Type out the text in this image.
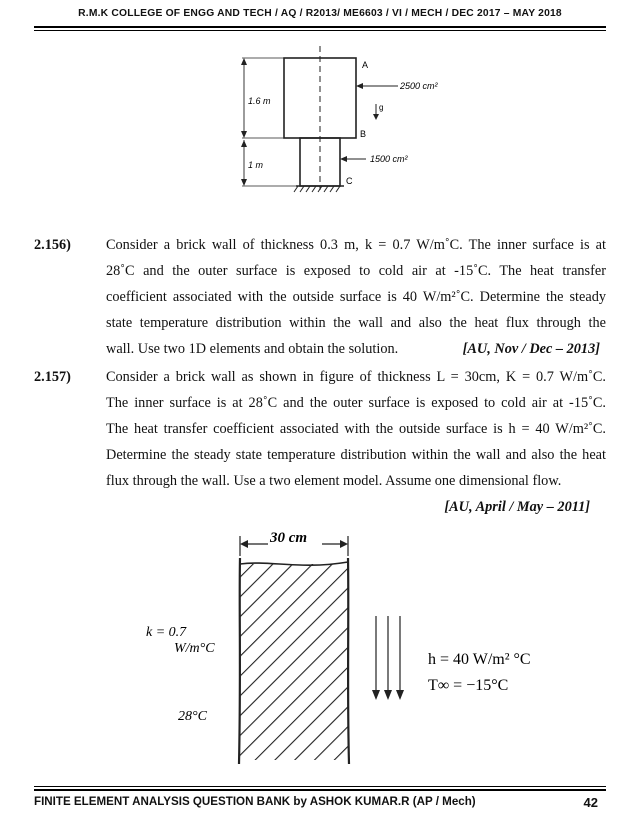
R.M.K COLLEGE OF ENGG AND TECH / AQ / R2013/ ME6603 / VI / MECH / DEC 2017 – MAY 2018
1.6 m
1 m
A
B
C
2500 cm²
1500 cm²
g
2.156) Consider a brick wall of thickness 0.3 m, k = 0.7 W/m˚C. The inner surface is at
28˚C and the outer surface is exposed to cold air at -15˚C. The heat transfer
coefficient associated with the outside surface is 40 W/m²˚C. Determine the steady
state temperature distribution within the wall and also the heat flux through the
wall. Use two 1D elements and obtain the solution.	[AU, Nov / Dec – 2013]
2.157) Consider a brick wall as shown in figure of thickness L = 30cm, K = 0.7 W/m˚C.
The inner surface is at 28˚C and the outer surface is exposed to cold air at -15˚C.
The heat transfer coefficient associated with the outside surface is h = 40 W/m²˚C.
Determine the steady state temperature distribution within the wall and also the heat
flux through the wall. Use a two element model. Assume one dimensional flow.
[AU, April / May – 2011]
30 cm
k = 0.7
W/m°C
28°C
h = 40 W/m² °C
T∞ = −15°C
FINITE ELEMENT ANALYSIS QUESTION BANK by ASHOK KUMAR.R (AP / Mech)	42
